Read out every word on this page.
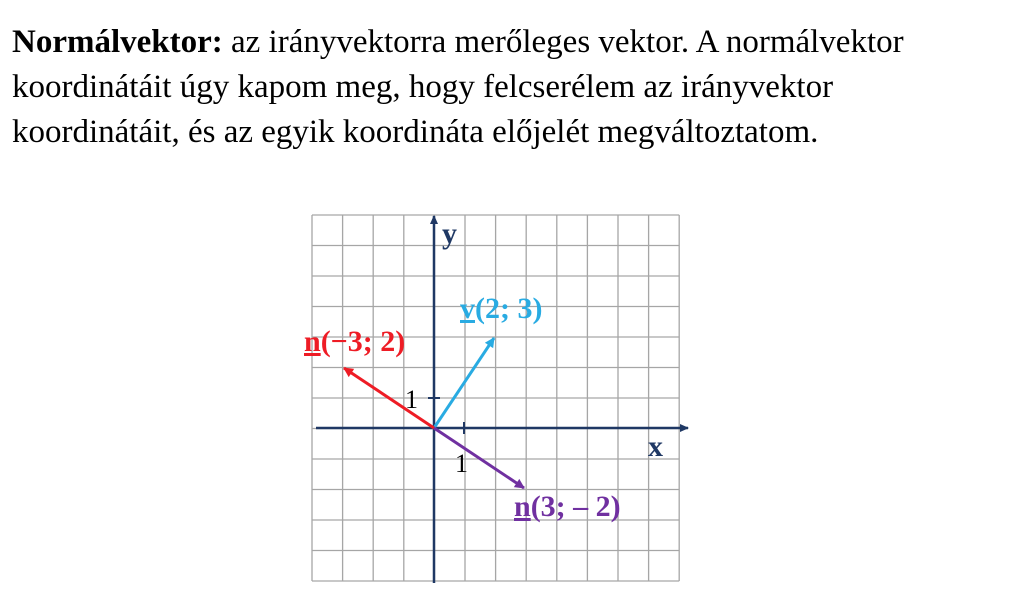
Normálvektor: az irányvektorra merőleges vektor. A normálvektor
koordinátáit úgy kapom meg, hogy felcserélem az irányvektor
koordinátáit, és az egyik koordináta előjelét megváltoztatom.

y
x
1
1
v(2; 3)
n(−3; 2)
n(3; – 2)
